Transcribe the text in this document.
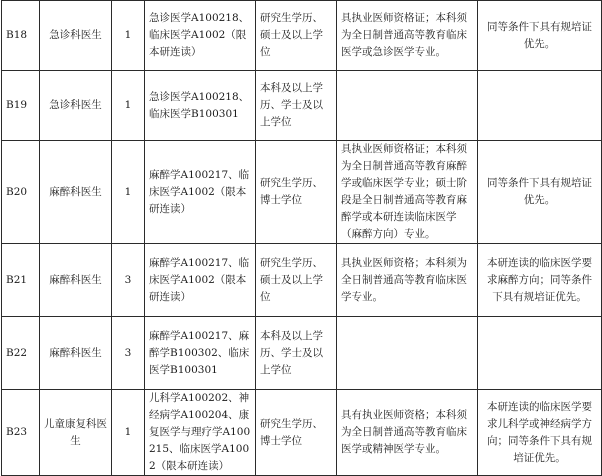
B18	急诊科医生	1	急诊医学A100218、临床医学A1002（限本研连读）	研究生学历、硕士及以上学位	具执业医师资格证；本科须为全日制普通高等教育临床医学或急诊医学专业。	同等条件下具有规培证优先。
B19	急诊科医生	1	急诊医学A100218、临床医学B100301	本科及以上学历、学士及以上学位		
B20	麻醉科医生	1	麻醉学A100217、临床医学A1002（限本研连读）	研究生学历、博士学位	具执业医师资格证；本科须为全日制普通高等教育麻醉学或临床医学专业；硕士阶段是全日制普通高等教育麻醉学或本研连读临床医学（麻醉方向）专业。	同等条件下具有规培证优先。
B21	麻醉科医生	3	麻醉学A100217、临床医学A1002（限本研连读）	研究生学历、硕士及以上学位	具执业医师资格；本科须为全日制普通高等教育临床医学专业。	本研连读的临床医学要求麻醉方向；同等条件下具有规培证优先。
B22	麻醉科医生	3	麻醉学A100217、麻醉学B100302、临床医学B100301	本科及以上学历、学士及以上学位		
B23	儿童康复科医生	1	儿科学A100202、神经病学A100204、康复医学与理疗学A100215、临床医学A1002（限本研连读）	研究生学历、博士学位	具有执业医师资格；本科须为全日制普通高等教育临床医学或精神医学专业。	本研连读的临床医学要求儿科学或神经病学方向；同等条件下具有规培证优先。
